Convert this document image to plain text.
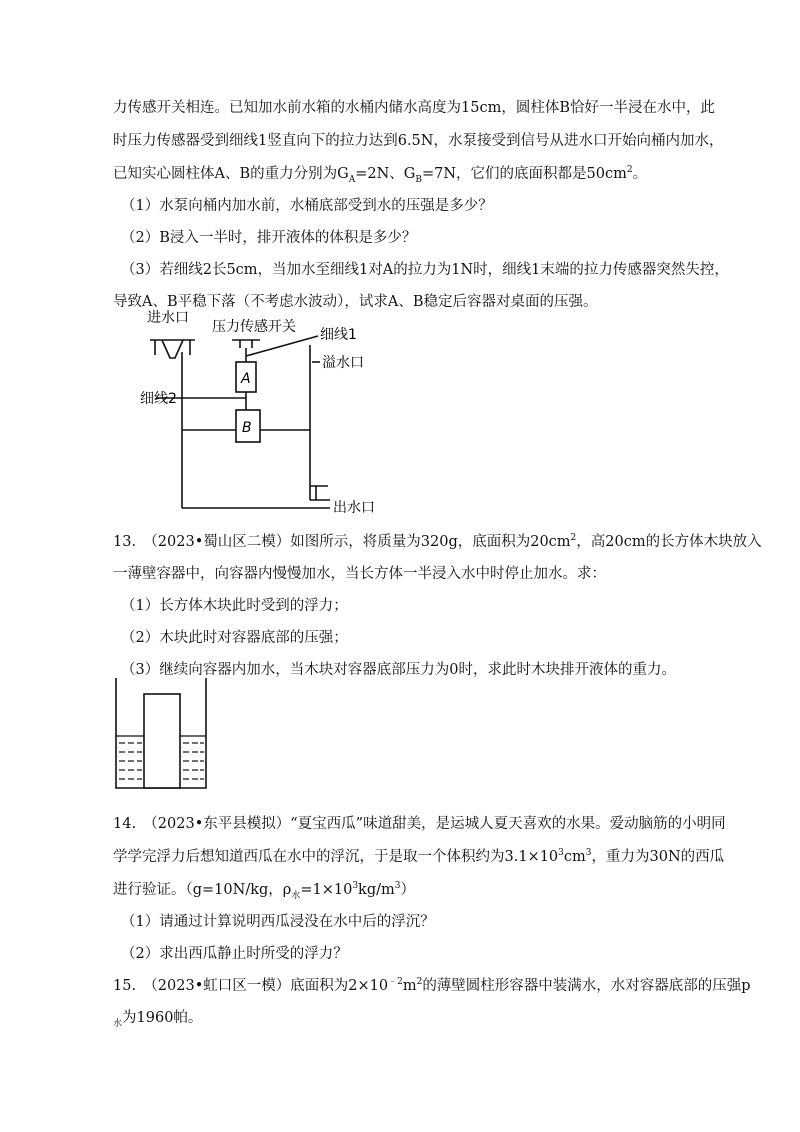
力传感开关相连。已知加水前水箱的水桶内储水高度为15cm，圆柱体B恰好一半浸在水中，此
时压力传感器受到细线1竖直向下的拉力达到6.5N，水泵接受到信号从进水口开始向桶内加水，
已知实心圆柱体A、B的重力分别为$G_A=2N$、$G_B=7N$，它们的底面积都是$50cm^2$。
（1）水泵向桶内加水前，水桶底部受到水的压强是多少？
（2）B浸入一半时，排开液体的体积是多少？
（3）若细线2长5cm，当加水至细线1对A的拉力为1N时，细线1末端的拉力传感器突然失控，
导致A、B平稳下落（不考虑水波动），试求A、B稳定后容器对桌面的压强。
进水口
压力传感开关 细线1
溢水口
细线2
A
B
出水口
13.　（2023•蜀山区二模）如图所示，将质量为320g，底面积为$20cm^2$，高20cm的长方体木块放入
一薄壁容器中，向容器内慢慢加水，当长方体一半浸入水中时停止加水。求：
（1）长方体木块此时受到的浮力；
（2）木块此时对容器底部的压强；
（3）继续向容器内加水，当木块对容器底部压力为0时，求此时木块排开液体的重力。
14.　（2023•东平县模拟）“夏宝西瓜”味道甜美，是运城人夏天喜欢的水果。爱动脑筋的小明同
学学完浮力后想知道西瓜在水中的浮沉，于是取一个体积约为$3.1\times 10^3cm^3$，重力为30N的西瓜
进行验证。（g=10N/kg，$\rho_水=1\times 10^3kg/m^3$）
（1）请通过计算说明西瓜浸没在水中后的浮沉？
（2）求出西瓜静止时所受的浮力？
15.　（2023•虹口区一模）底面积为$2\times 10^{﹣2}m^2$的薄壁圆柱形容器中装满水，水对容器底部的压强p
$_水$为1960帕。
